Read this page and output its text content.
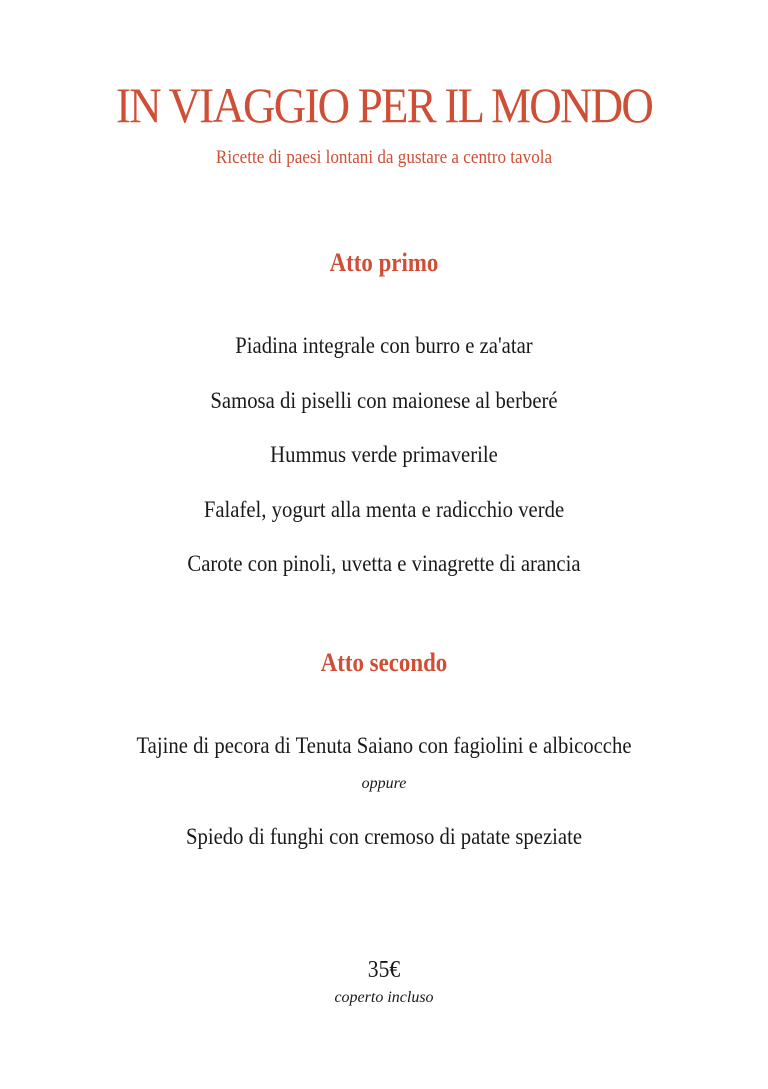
IN VIAGGIO PER IL MONDO

Ricette di paesi lontani da gustare a centro tavola

Atto primo

Piadina integrale con burro e za'atar

Samosa di piselli con maionese al berberé

Hummus verde primaverile

Falafel, yogurt alla menta e radicchio verde

Carote con pinoli, uvetta e vinagrette di arancia

Atto secondo

Tajine di pecora di Tenuta Saiano con fagiolini e albicocche

oppure

Spiedo di funghi con cremoso di patate speziate

35€

coperto incluso
